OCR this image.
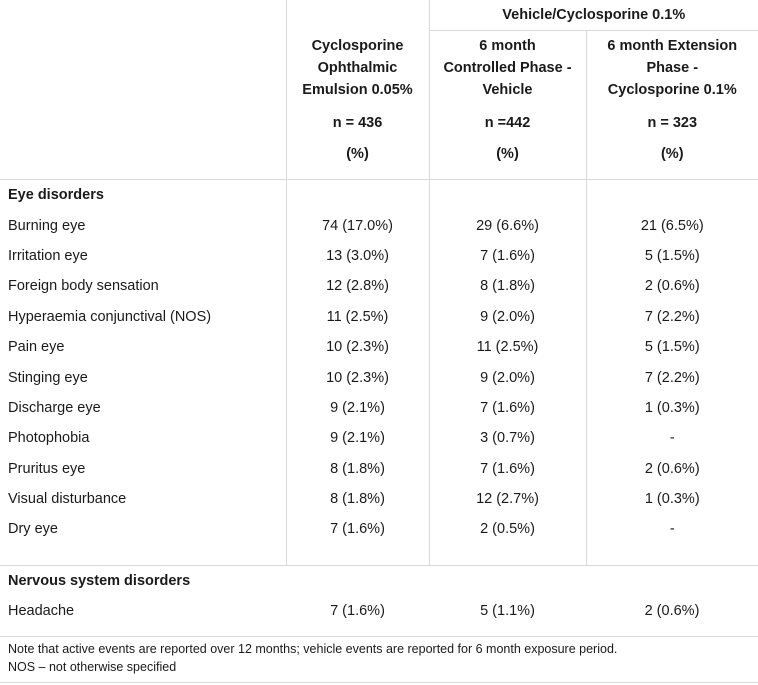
		Vehicle/Cyclosporine 0.1%	

	Cyclosporine
Ophthalmic
Emulsion 0.05%
n = 436
(%)	6 month
Controlled Phase -
Vehicle
n =442
(%)	6 month Extension
Phase -
Cyclosporine 0.1%
n = 323
(%)

Eye disorders			
Burning eye	74 (17.0%)	29 (6.6%)	21 (6.5%)
Irritation eye	13 (3.0%)	7 (1.6%)	5 (1.5%)
Foreign body sensation	12 (2.8%)	8 (1.8%)	2 (0.6%)
Hyperaemia conjunctival (NOS)	11 (2.5%)	9 (2.0%)	7 (2.2%)
Pain eye	10 (2.3%)	11 (2.5%)	5 (1.5%)
Stinging eye	10 (2.3%)	9 (2.0%)	7 (2.2%)
Discharge eye	9 (2.1%)	7 (1.6%)	1 (0.3%)
Photophobia	9 (2.1%)	3 (0.7%)	-
Pruritus eye	8 (1.8%)	7 (1.6%)	2 (0.6%)
Visual disturbance	8 (1.8%)	12 (2.7%)	1 (0.3%)
Dry eye	7 (1.6%)	2 (0.5%)	-

Nervous system disorders			
Headache	7 (1.6%)	5 (1.1%)	2 (0.6%)
Note that active events are reported over 12 months; vehicle events are reported for 6 month exposure period.
NOS – not otherwise specified
